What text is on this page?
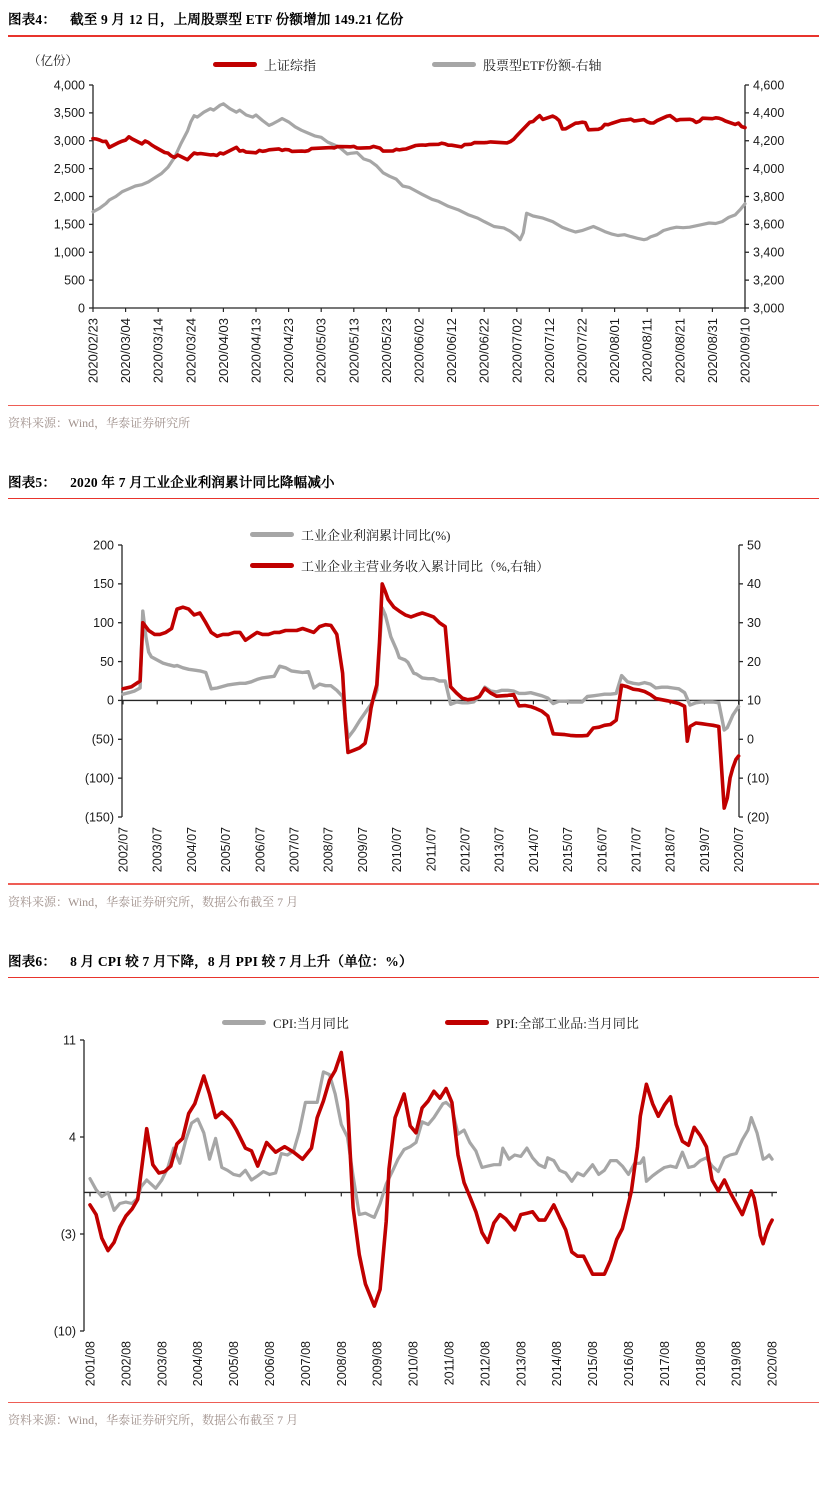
图表4： 截至 9 月 12 日，上周股票型 ETF 份额增加 149.21 亿份
（亿份）	上证综指	股票型ETF份额-右轴
4,000
3,500
3,000
2,500
2,000
1,500
1,000
500
0
4,600
4,400
4,200
4,000
3,800
3,600
3,400
3,200
3,000
2020/02/23 2020/03/04 2020/03/14 2020/03/24 2020/04/03 2020/04/13 2020/04/23 2020/05/03 2020/05/13 2020/05/23 2020/06/02 2020/06/12 2020/06/22 2020/07/02 2020/07/12 2020/07/22 2020/08/01 2020/08/11 2020/08/21 2020/08/31 2020/09/10
资料来源：Wind，华泰证券研究所
图表5： 2020 年 7 月工业企业利润累计同比降幅减小
工业企业利润累计同比(%)
工业企业主营业务收入累计同比（%,右轴）
200
150
100
50
0
(50)
(100)
(150)
50
40
30
20
10
0
(10)
(20)
2002/07 2003/07 2004/07 2005/07 2006/07 2007/07 2008/07 2009/07 2010/07 2011/07 2012/07 2013/07 2014/07 2015/07 2016/07 2017/07 2018/07 2019/07 2020/07
资料来源：Wind，华泰证券研究所，数据公布截至 7 月
图表6： 8 月 CPI 较 7 月下降，8 月 PPI 较 7 月上升（单位：%）
CPI:当月同比	PPI:全部工业品:当月同比
11
4
(3)
(10)
2001/08 2002/08 2003/08 2004/08 2005/08 2006/08 2007/08 2008/08 2009/08 2010/08 2011/08 2012/08 2013/08 2014/08 2015/08 2016/08 2017/08 2018/08 2019/08 2020/08
资料来源：Wind，华泰证券研究所，数据公布截至 7 月
